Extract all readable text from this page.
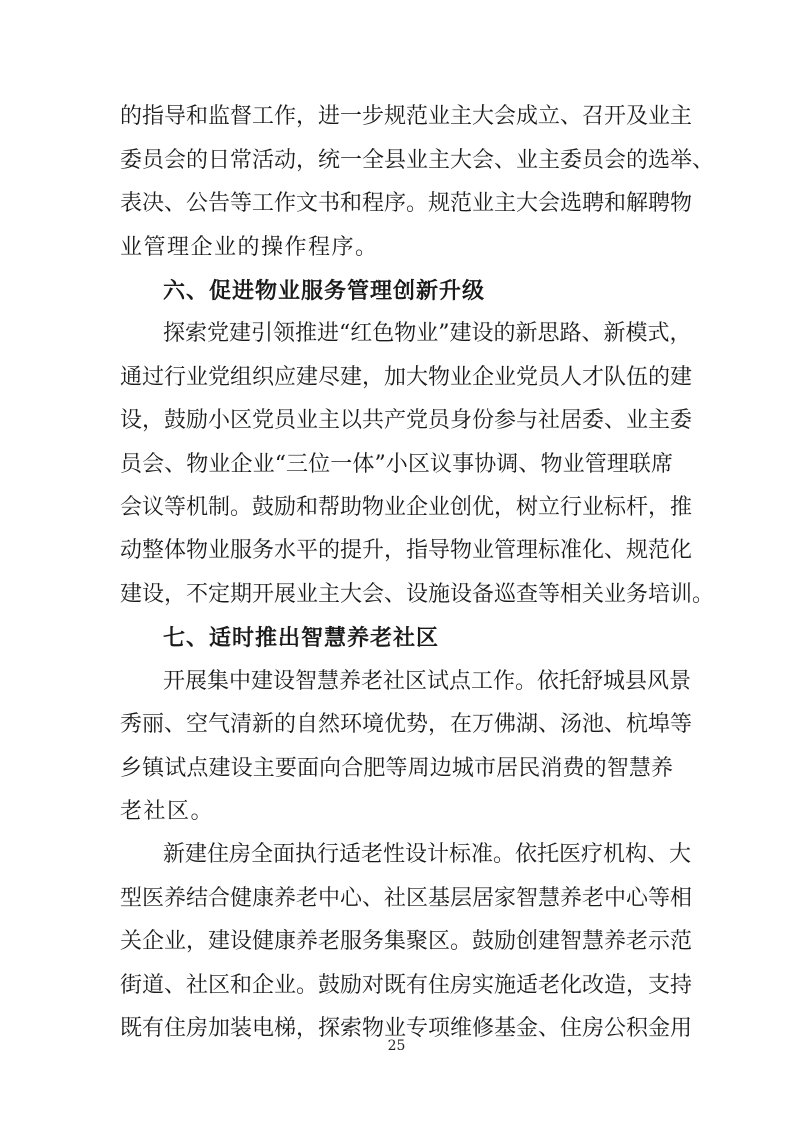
的指导和监督工作，进一步规范业主大会成立、召开及业主

委员会的日常活动，统一全县业主大会、业主委员会的选举、

表决、公告等工作文书和程序。规范业主大会选聘和解聘物

业管理企业的操作程序。

六、促进物业服务管理创新升级

探索党建引领推进“红色物业”建设的新思路、新模式，

通过行业党组织应建尽建，加大物业企业党员人才队伍的建

设，鼓励小区党员业主以共产党员身份参与社居委、业主委

员会、物业企业“三位一体”小区议事协调、物业管理联席

会议等机制。鼓励和帮助物业企业创优，树立行业标杆，推

动整体物业服务水平的提升，指导物业管理标准化、规范化

建设，不定期开展业主大会、设施设备巡查等相关业务培训。

七、适时推出智慧养老社区

开展集中建设智慧养老社区试点工作。依托舒城县风景

秀丽、空气清新的自然环境优势，在万佛湖、汤池、杭埠等

乡镇试点建设主要面向合肥等周边城市居民消费的智慧养

老社区。

新建住房全面执行适老性设计标准。依托医疗机构、大

型医养结合健康养老中心、社区基层居家智慧养老中心等相

关企业，建设健康养老服务集聚区。鼓励创建智慧养老示范

街道、社区和企业。鼓励对既有住房实施适老化改造，支持

既有住房加装电梯，探索物业专项维修基金、住房公积金用

25
